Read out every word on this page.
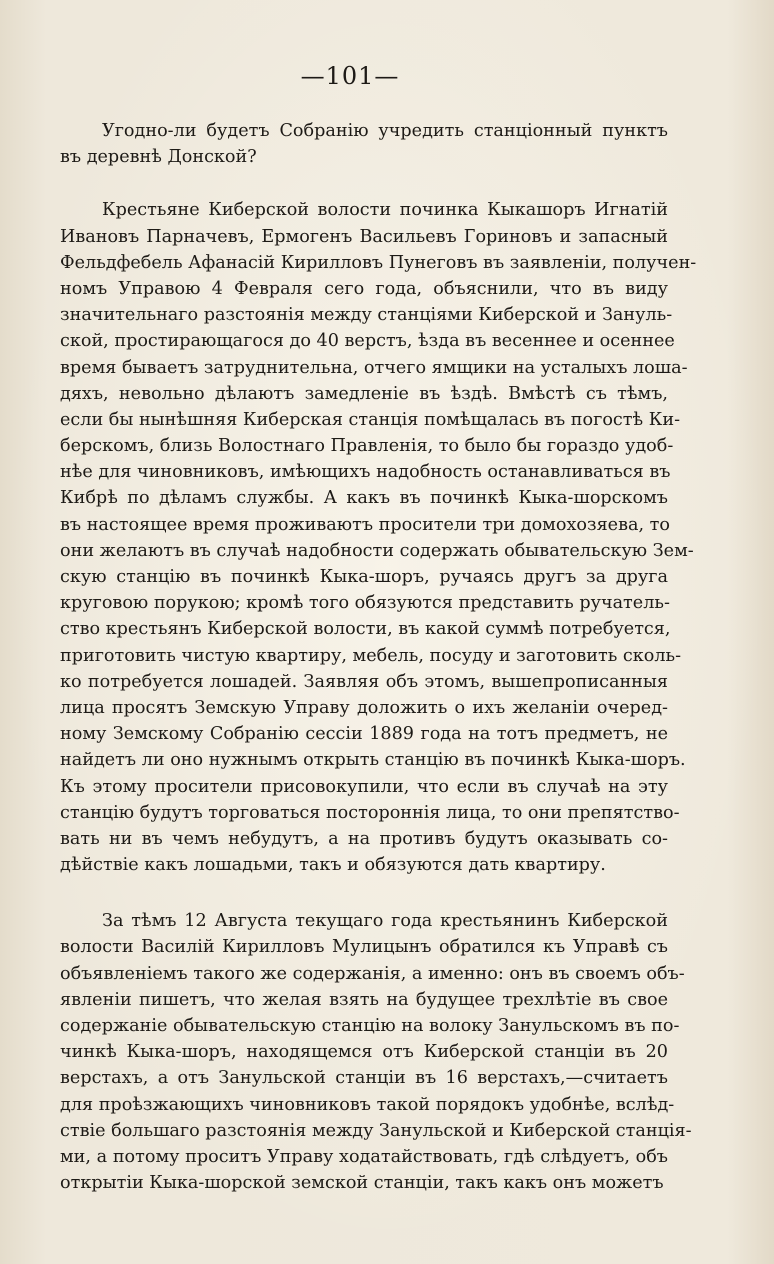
—101—
Угодно-ли будетъ Собранію учредить станціонный пунктъ
въ деревнѣ Донской?
Крестьяне Киберской волости починка Кыкашоръ Игнатій
Ивановъ Парначевъ, Ермогенъ Васильевъ Гориновъ и запасный
Фельдфебель Афанасій Кирилловъ Пунеговъ въ заявленіи, получен-
номъ Управою 4 Февраля сего года, объяснили, что въ виду
значительнаго разстоянія между станціями Киберской и Зануль-
ской, простирающагося до 40 верстъ, ѣзда въ весеннее и осеннее
время бываетъ затруднительна, отчего ямщики на усталыхъ лоша-
дяхъ, невольно дѣлаютъ замедленіе въ ѣздѣ. Вмѣстѣ съ тѣмъ,
если бы нынѣшняя Киберская станція помѣщалась въ погостѣ Ки-
берскомъ, близь Волостнаго Правленія, то было бы гораздо удоб-
нѣе для чиновниковъ, имѣющихъ надобность останавливаться въ
Кибрѣ по дѣламъ службы. А какъ въ починкѣ Кыка-шорскомъ
въ настоящее время проживаютъ просители три домохозяева, то
они желаютъ въ случаѣ надобности содержать обывательскую Зем-
скую станцію въ починкѣ Кыка-шоръ, ручаясь другъ за друга
круговою порукою; кромѣ того обязуются представить ручатель-
ство крестьянъ Киберской волости, въ какой суммѣ потребуется,
приготовить чистую квартиру, мебель, посуду и заготовить сколь-
ко потребуется лошадей. Заявляя объ этомъ, вышепрописанныя
лица просятъ Земскую Управу доложить о ихъ желаніи очеред-
ному Земскому Собранію сессіи 1889 года на тотъ предметъ, не
найдетъ ли оно нужнымъ открыть станцію въ починкѣ Кыка-шоръ.
Къ этому просители присовокупили, что если въ случаѣ на эту
станцію будутъ торговаться постороннія лица, то они препятство-
вать ни въ чемъ небудутъ, а на противъ будутъ оказывать со-
дѣйствіе какъ лошадьми, такъ и обязуются дать квартиру.
За тѣмъ 12 Августа текущаго года крестьянинъ Киберской
волости Василій Кирилловъ Мулицынъ обратился къ Управѣ съ
объявленіемъ такого же содержанія, а именно: онъ въ своемъ объ-
явленіи пишетъ, что желая взять на будущее трехлѣтіе въ свое
содержаніе обывательскую станцію на волоку Занульскомъ въ по-
чинкѣ Кыка-шоръ, находящемся отъ Киберской станціи въ 20
верстахъ, а отъ Занульской станціи въ 16 верстахъ,—считаетъ
для проѣзжающихъ чиновниковъ такой порядокъ удобнѣе, вслѣд-
ствіе большаго разстоянія между Занульской и Киберской станція-
ми, а потому проситъ Управу ходатайствовать, гдѣ слѣдуетъ, объ
открытіи Кыка-шорской земской станціи, такъ какъ онъ можетъ
